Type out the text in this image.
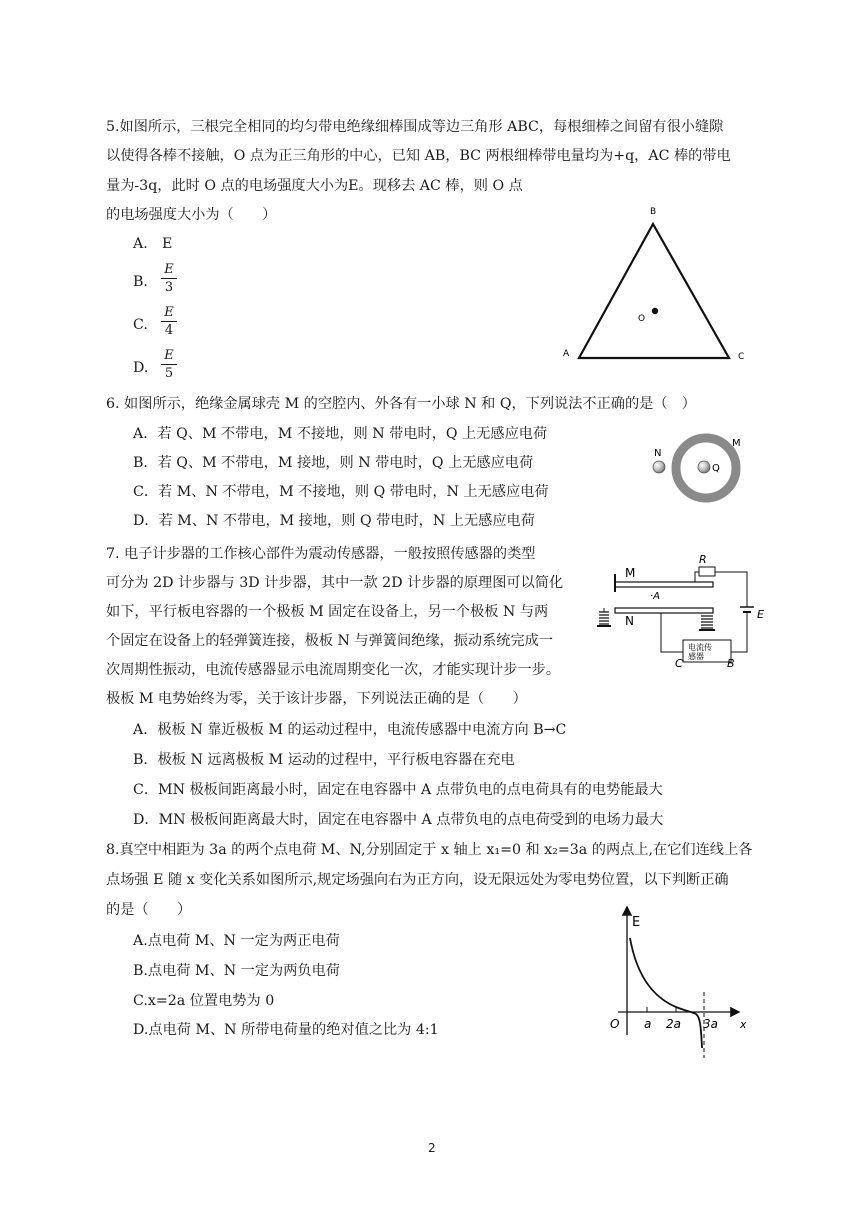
5.如图所示，三根完全相同的均匀带电绝缘细棒围成等边三角形 ABC，每根细棒之间留有很小缝隙
以使得各棒不接触，O 点为正三角形的中心，已知 AB，BC 两根细棒带电量均为+q，AC 棒的带电
量为-3q，此时 O 点的电场强度大小为E。现移去 AC 棒，则 O 点
的电场强度大小为（　　）
A.　E
B.
E
3
C.
E
4
D.
E
5
B
A	C
O
6. 如图所示，绝缘金属球壳 M 的空腔内、外各有一小球 N 和 Q，下列说法不正确的是（　）
A．若 Q、M 不带电，M 不接地，则 N 带电时，Q 上无感应电荷
B．若 Q、M 不带电，M 接地，则 N 带电时，Q 上无感应电荷
C．若 M、N 不带电，M 不接地，则 Q 带电时，N 上无感应电荷
D．若 M、N 不带电，M 接地，则 Q 带电时，N 上无感应电荷
N
Q
M
7. 电子计步器的工作核心部件为震动传感器，一般按照传感器的类型
可分为 2D 计步器与 3D 计步器，其中一款 2D 计步器的原理图可以简化
如下，平行板电容器的一个极板 M 固定在设备上，另一个极板 N 与两
个固定在设备上的轻弹簧连接，极板 N 与弹簧间绝缘，振动系统完成一
次周期性振动，电流传感器显示电流周期变化一次，才能实现计步一步。
极板 M 电势始终为零，关于该计步器，下列说法正确的是（　　）
A．极板 N 靠近极板 M 的运动过程中，电流传感器中电流方向 B→C
B．极板 N 远离极板 M 运动的过程中，平行板电容器在充电
C．MN 极板间距离最小时，固定在电容器中 A 点带负电的点电荷具有的电势能最大
D．MN 极板间距离最大时，固定在电容器中 A 点带负电的点电荷受到的电场力最大
M
R
E
·A
N
电流传
感器
C	B
8.真空中相距为 3a 的两个点电荷 M、N,分别固定于 x 轴上 x₁=0 和 x₂=3a 的两点上,在它们连线上各
点场强 E 随 x 变化关系如图所示,规定场强向右为正方向，设无限远处为零电势位置，以下判断正确
的是（　　）
A.点电荷 M、N 一定为两正电荷
B.点电荷 M、N 一定为两负电荷
C.x=2a 位置电势为 0
D.点电荷 M、N 所带电荷量的绝对值之比为 4:1
E
O a 2a 3a x
2
